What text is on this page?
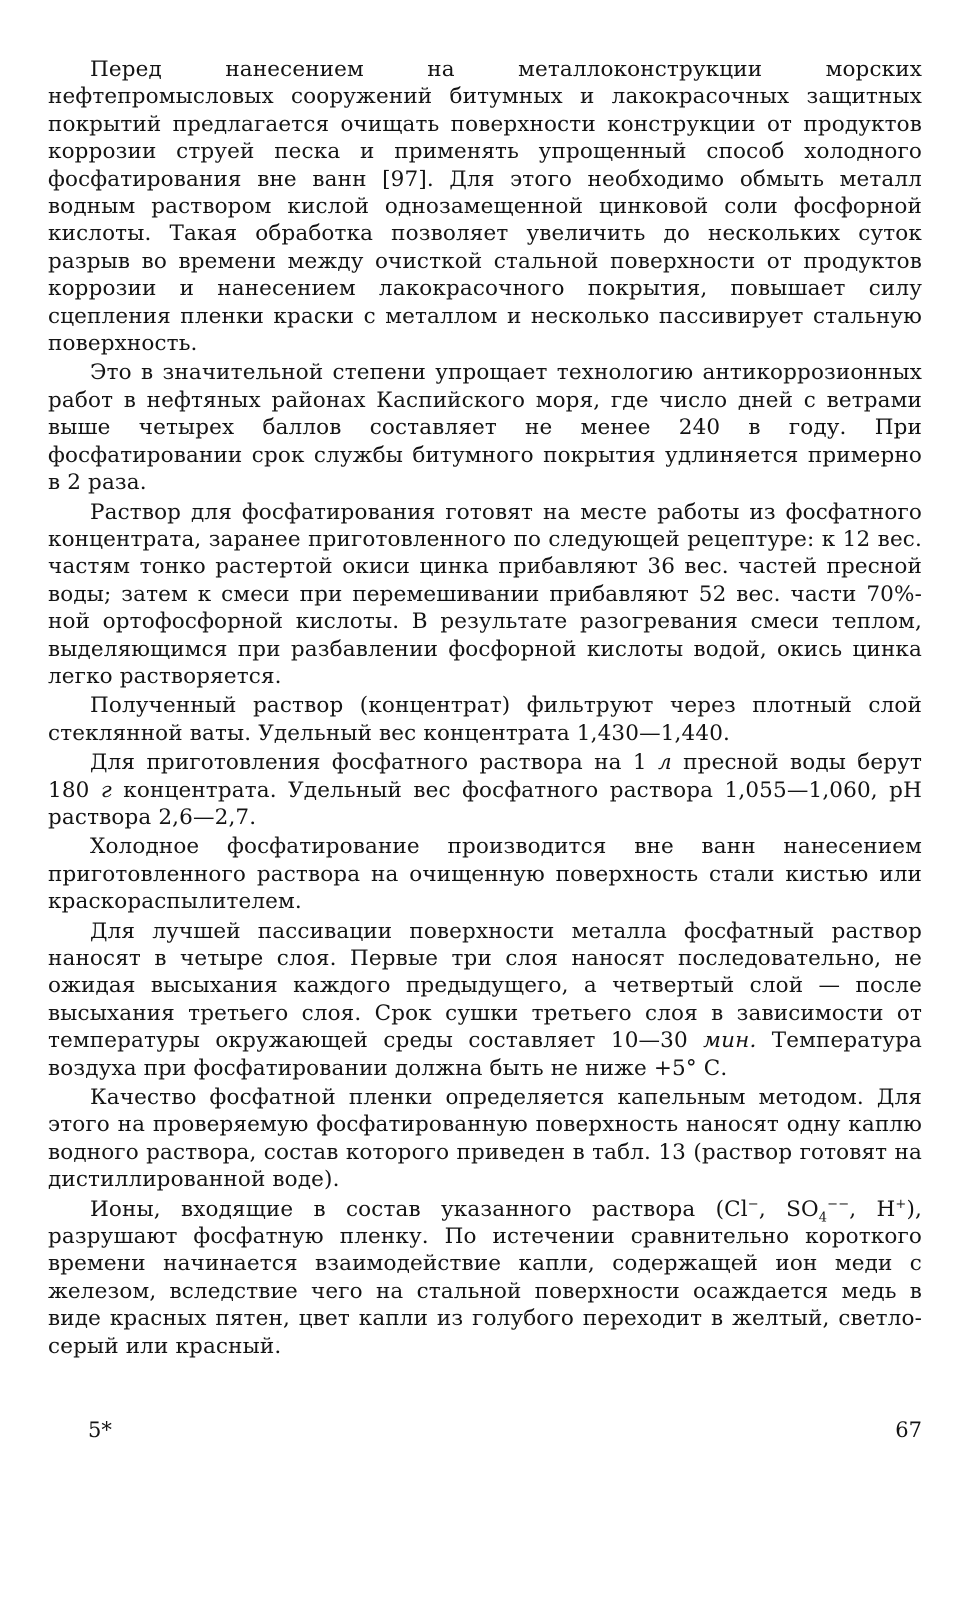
Перед нанесением на металлоконструкции морских нефтепромысловых сооружений битумных и лакокрасочных защитных покрытий предлагается очищать поверхности конструкции от продуктов коррозии струей песка и применять упрощенный способ холодного фосфатирования вне ванн [97]. Для этого необходимо обмыть металл водным раствором кислой однозамещенной цинковой соли фосфорной кислоты. Такая обработка позволяет увеличить до нескольких суток разрыв во времени между очисткой стальной поверхности от продуктов коррозии и нанесением лакокрасочного покрытия, повышает силу сцепления пленки краски с металлом и несколько пассивирует стальную поверхность.

Это в значительной степени упрощает технологию антикоррозионных работ в нефтяных районах Каспийского моря, где число дней с ветрами выше четырех баллов составляет не менее 240 в году. При фосфатировании срок службы битумного покрытия удлиняется примерно в 2 раза.

Раствор для фосфатирования готовят на месте работы из фосфатного концентрата, заранее приготовленного по следующей рецептуре: к 12 вес. частям тонко растертой окиси цинка прибавляют 36 вес. частей пресной воды; затем к смеси при перемешивании прибавляют 52 вес. части 70%-ной ортофосфорной кислоты. В результате разогревания смеси теплом, выделяющимся при разбавлении фосфорной кислоты водой, окись цинка легко растворяется.

Полученный раствор (концентрат) фильтруют через плотный слой стеклянной ваты. Удельный вес концентрата 1,430—1,440.

Для приготовления фосфатного раствора на 1 л пресной воды берут 180 г концентрата. Удельный вес фосфатного раствора 1,055—1,060, pH раствора 2,6—2,7.

Холодное фосфатирование производится вне ванн нанесением приготовленного раствора на очищенную поверхность стали кистью или краскораспылителем.

Для лучшей пассивации поверхности металла фосфатный раствор наносят в четыре слоя. Первые три слоя наносят последовательно, не ожидая высыхания каждого предыдущего, а четвертый слой — после высыхания третьего слоя. Срок сушки третьего слоя в зависимости от температуры окружающей среды составляет 10—30 мин. Температура воздуха при фосфатировании должна быть не ниже +5° С.

Качество фосфатной пленки определяется капельным методом. Для этого на проверяемую фосфатированную поверхность наносят одну каплю водного раствора, состав которого приведен в табл. 13 (раствор готовят на дистиллированной воде).

Ионы, входящие в состав указанного раствора (Cl−, $SO_4^{--}$, H+), разрушают фосфатную пленку. По истечении сравнительно короткого времени начинается взаимодействие капли, содержащей ион меди с железом, вследствие чего на стальной поверхности осаждается медь в виде красных пятен, цвет капли из голубого переходит в желтый, светло-серый или красный.

5*	67
